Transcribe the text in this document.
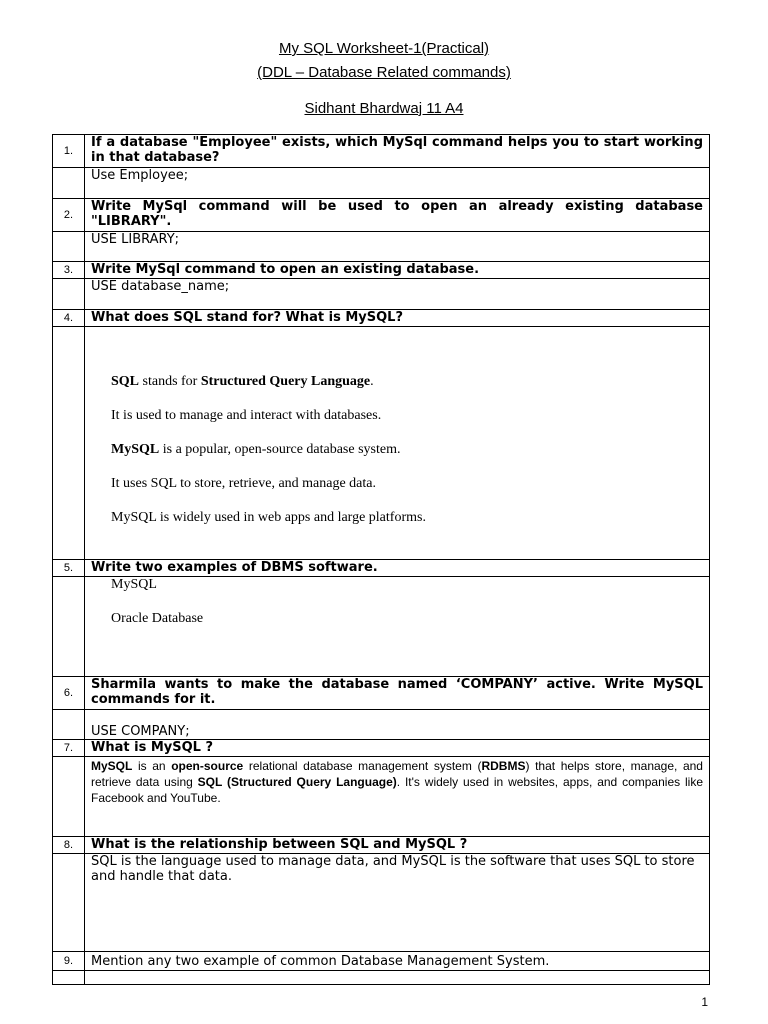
My SQL Worksheet-1(Practical)
(DDL – Database Related commands)
Sidhant Bhardwaj 11 A4
1.	If a database "Employee" exists, which MySql command helps you to start working in that database?
	Use Employee;
2.	Write MySql command will be used to open an already existing database "LIBRARY".
	USE LIBRARY;
3.	Write MySql command to open an existing database.
	USE database_name;
4.	What does SQL stand for? What is MySQL?

	SQL stands for Structured Query Language.
It is used to manage and interact with databases.
MySQL is a popular, open-source database system.
It uses SQL to store, retrieve, and manage data.
MySQL is widely used in web apps and large platforms.

5.	Write two examples of DBMS software.

	MySQL
Oracle Database

6.	Sharmila wants to make the database named ‘COMPANY’ active. Write MySQL commands for it.
	USE COMPANY;
7.	What is MySQL ?

	MySQL is an open-source relational database management system (RDBMS) that helps store, manage, and retrieve data using SQL (Structured Query Language). It's widely used in websites, apps, and companies like Facebook and YouTube.

8.	What is the relationship between SQL and MySQL ?
	SQL is the language used to manage data, and MySQL is the software that uses SQL to store and handle that data.
9.	Mention any two example of common Database Management System.

1
